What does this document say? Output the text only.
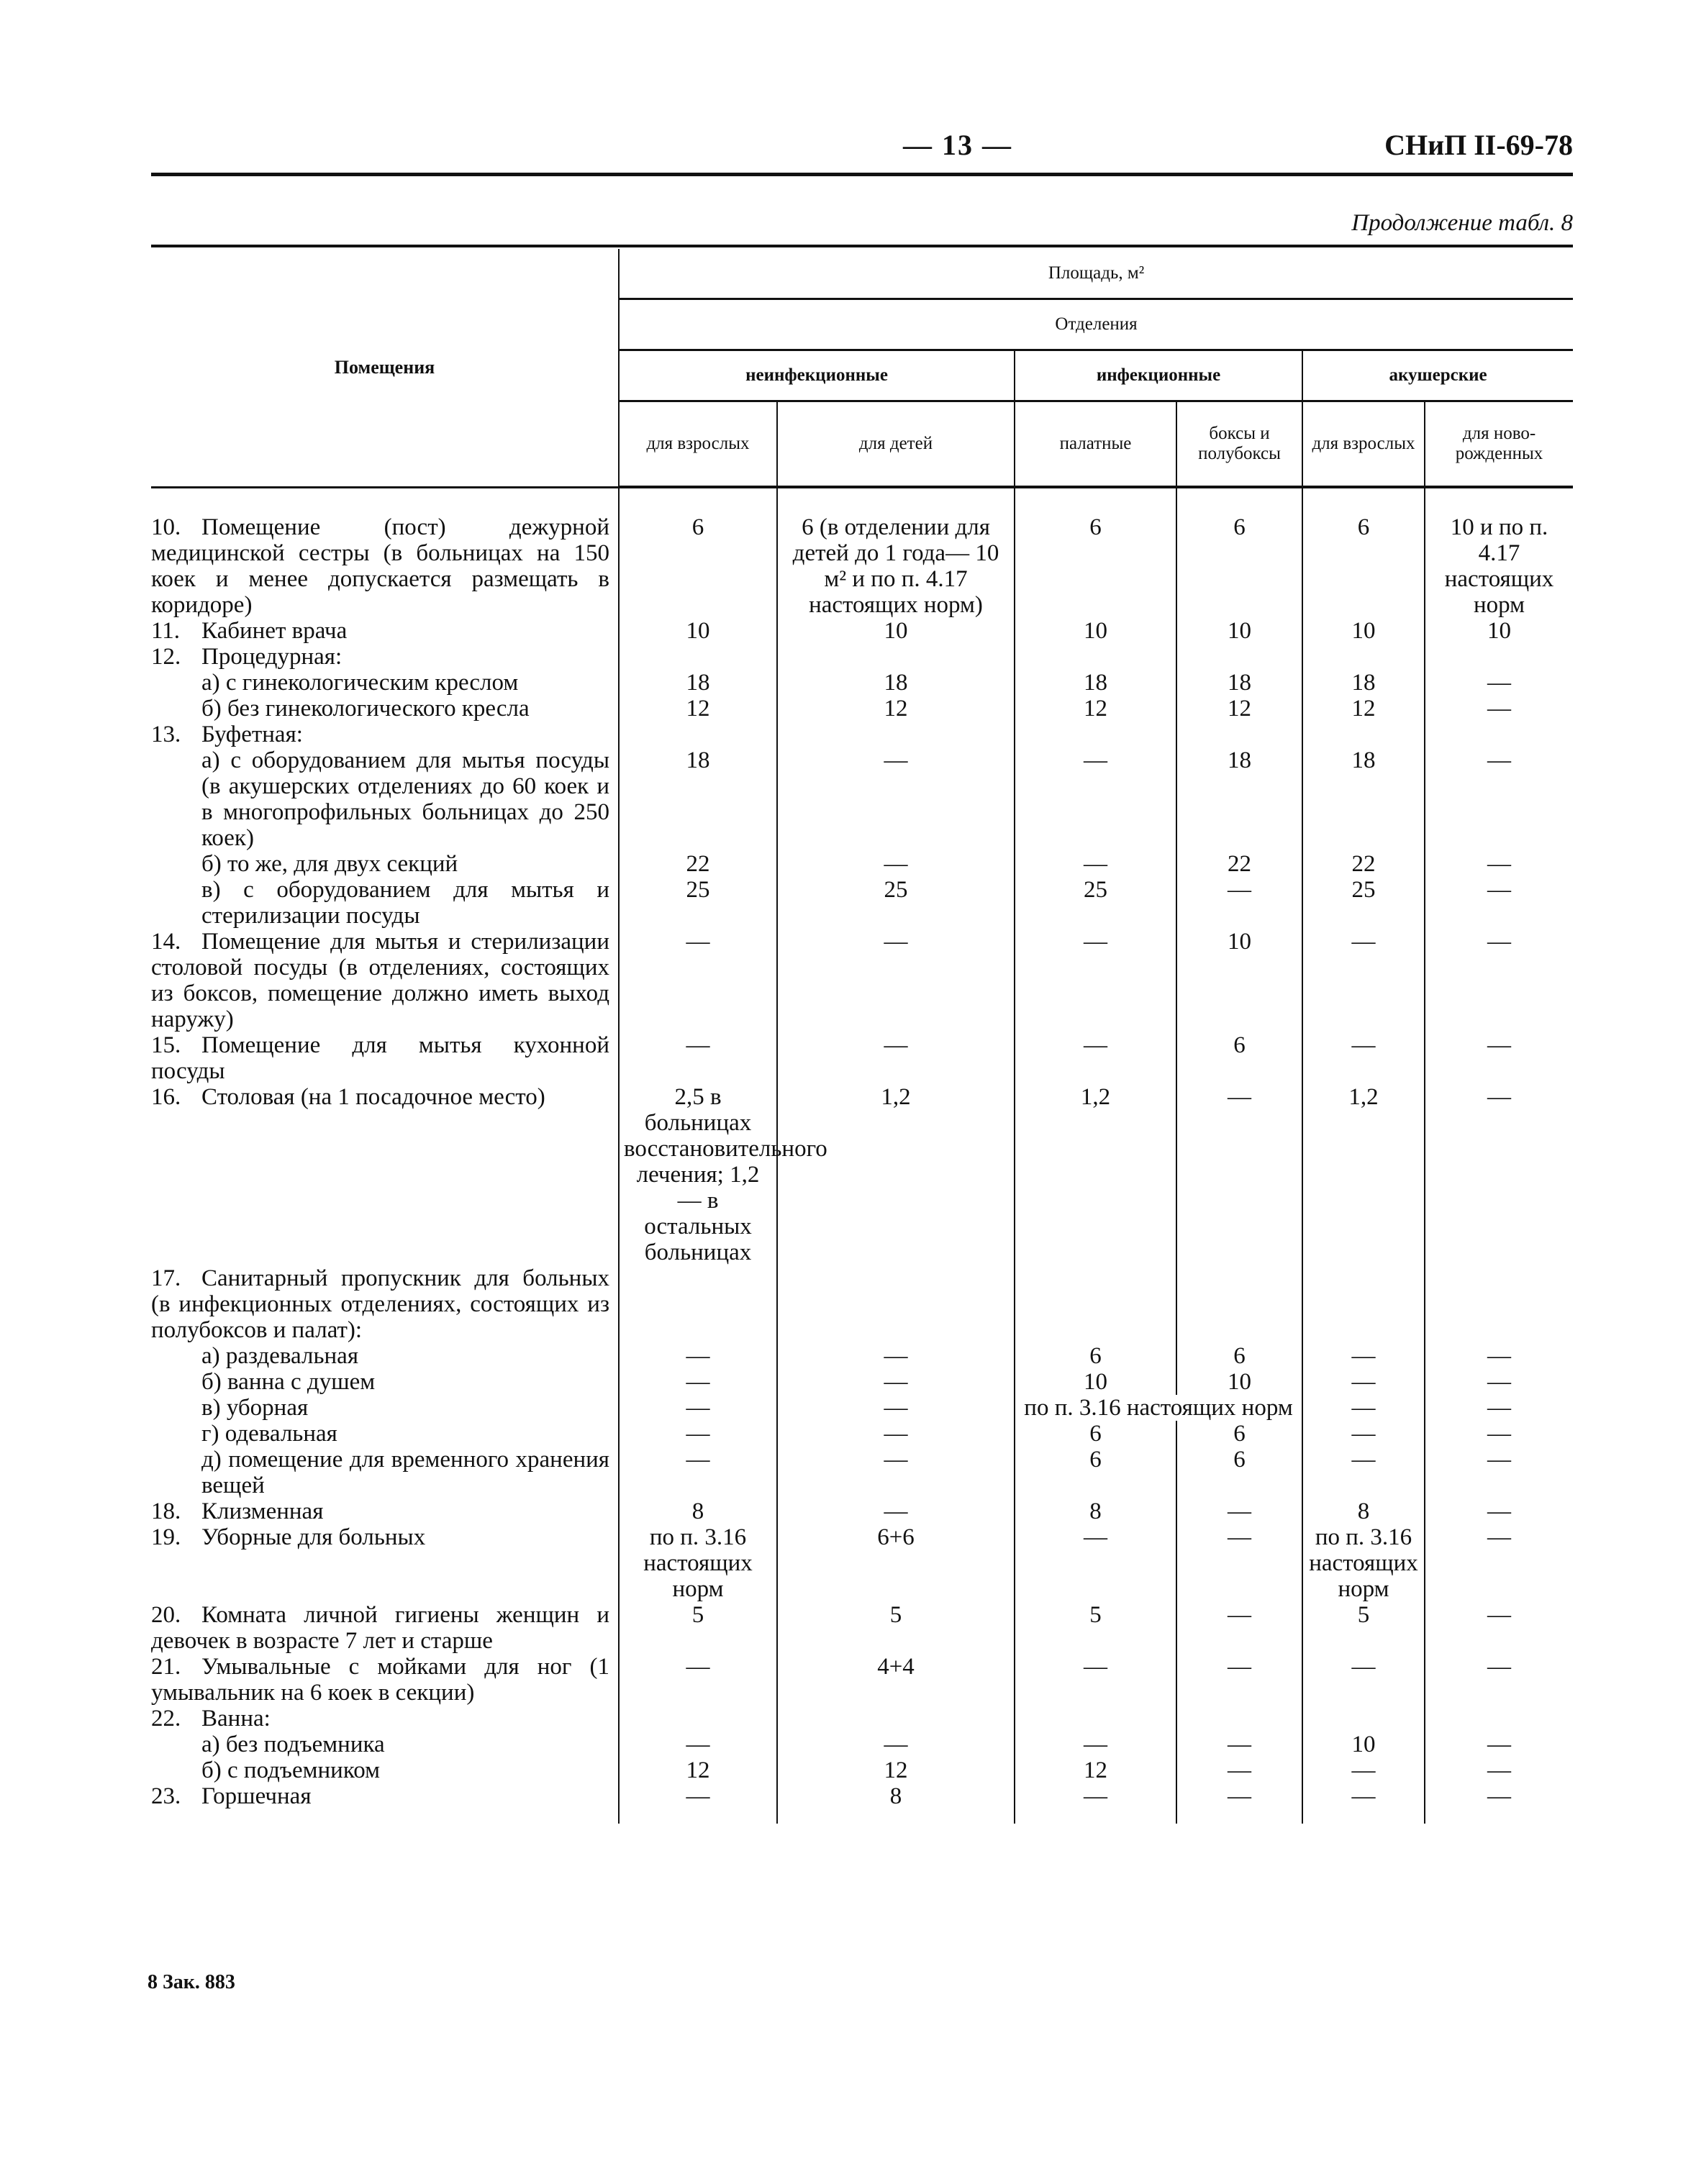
— 13 —	СНиП II-69-78
Продолжение табл. 8
Помещения	Площадь, м²					
	Отделения					
	неинфекционные		инфекционные		акушерские	
	для взрослых	для детей	палатные	боксы и полубоксы	для взрослых	для ново-рожденных
10. Помещение (пост) дежурной медицинской сестры (в больницах на 150 коек и менее допускается размещать в коридоре)	6	6 (в отделении для детей до 1 года— 10 м² и по п. 4.17 настоящих норм)	6	6	6	10 и по п. 4.17 настоящих норм

11. Кабинет врача	10	10	10	10	10	10

12. Процедурная:	

а) с гинекологическим креслом	18	18	18	18	18	—

б) без гинекологического кресла	12	12	12	12	12	—

13. Буфетная:	

а) с оборудованием для мытья посуды (в акушерских отделениях до 60 коек и в многопрофильных больницах до 250 коек)	18	—	—	18	18	—

б) то же, для двух секций	22	—	—	22	22	—

в) с оборудованием для мытья и стерилизации посуды	25	25	25	—	25	—

14. Помещение для мытья и стерилизации столовой посуды (в отделениях, состоящих из боксов, помещение должно иметь выход наружу)	—	—	—	10	—	—

15. Помещение для мытья кухонной посуды	—	—	—	6	—	—

16. Столовая (на 1 посадочное место)	2,5 в больницах восстановительного лечения; 1,2 — в остальных больницах	1,2	1,2	—	1,2	—

17. Санитарный пропускник для больных (в инфекционных отделениях, состоящих из полубоксов и палат):	

а) раздевальная	—	—	6	6	—	—

б) ванна с душем	—	—	10	10	—	—

в) уборная	—	—	по п. 3.16 настоящих норм		—	—

г) одевальная	—	—	6	6	—	—

д) помещение для временного хранения вещей	—	—	6	6	—	—

18. Клизменная	8	—	8	—	8	—

19. Уборные для больных	по п. 3.16 настоящих норм	6+6	—	—	по п. 3.16 настоящих норм	—

20. Комната личной гигиены женщин и девочек в возрасте 7 лет и старше	5	5	5	—	5	—

21. Умывальные с мойками для ног (1 умывальник на 6 коек в секции)	—	4+4	—	—	—	—

22. Ванна:	

а) без подъемника	—	—	—	—	10	—

б) с подъемником	12	12	12	—	—	—

23. Горшечная	—	8	—	—	—	—
8 Зак. 883
